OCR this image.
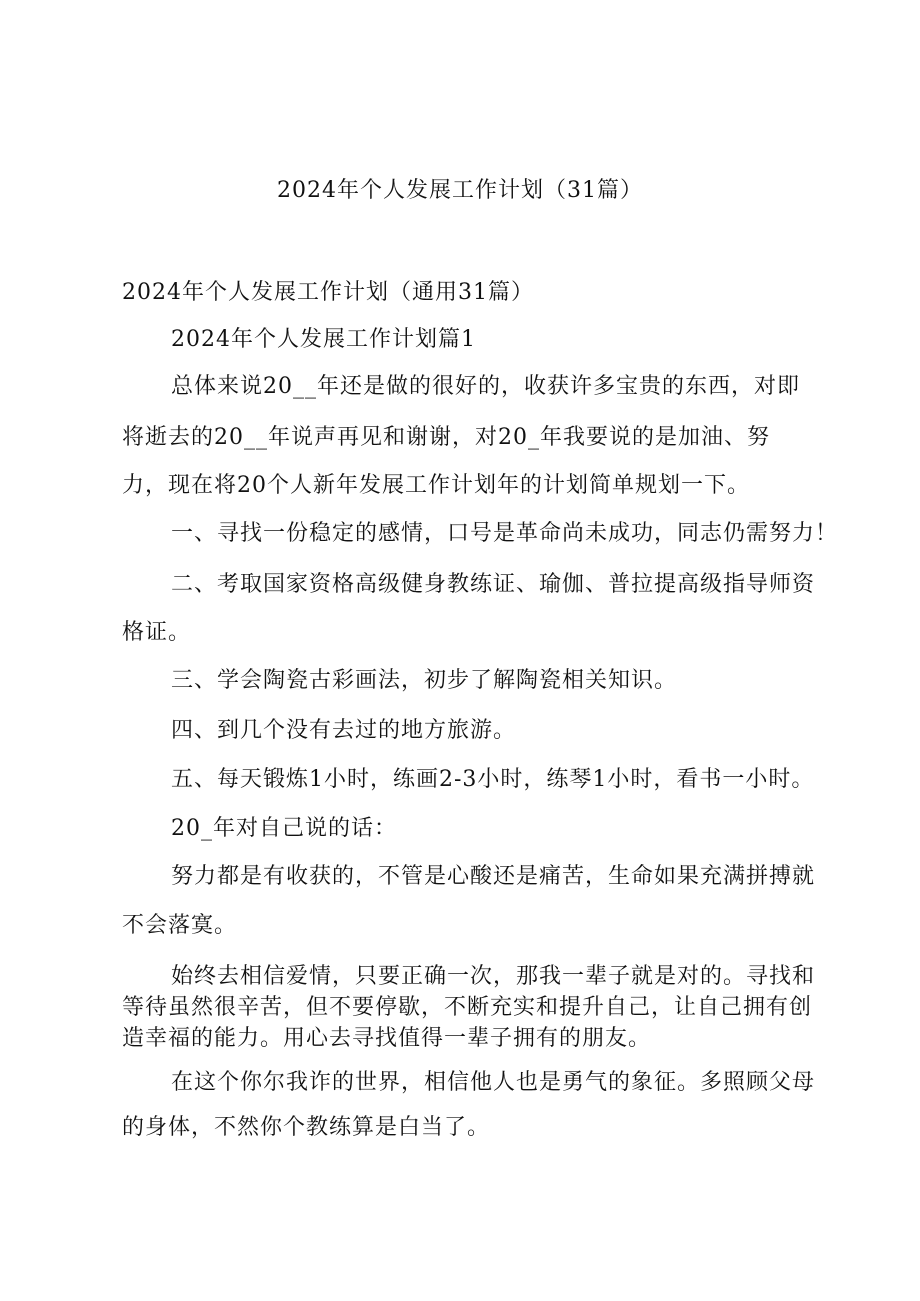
2024年个人发展工作计划（31篇）
2024年个人发展工作计划（通用31篇）
2024年个人发展工作计划篇1
总体来说20__年还是做的很好的，收获许多宝贵的东西，对即
将逝去的20__年说声再见和谢谢，对20_年我要说的是加油、努
力，现在将20个人新年发展工作计划年的计划简单规划一下。
一、寻找一份稳定的感情，口号是革命尚未成功，同志仍需努力！
二、考取国家资格高级健身教练证、瑜伽、普拉提高级指导师资
格证。
三、学会陶瓷古彩画法，初步了解陶瓷相关知识。
四、到几个没有去过的地方旅游。
五、每天锻炼1小时，练画2-3小时，练琴1小时，看书一小时。
20_年对自己说的话：
努力都是有收获的，不管是心酸还是痛苦，生命如果充满拼搏就
不会落寞。
始终去相信爱情，只要正确一次，那我一辈子就是对的。寻找和
等待虽然很辛苦，但不要停歇，不断充实和提升自己，让自己拥有创
造幸福的能力。用心去寻找值得一辈子拥有的朋友。
在这个你尔我诈的世界，相信他人也是勇气的象征。多照顾父母
的身体，不然你个教练算是白当了。
